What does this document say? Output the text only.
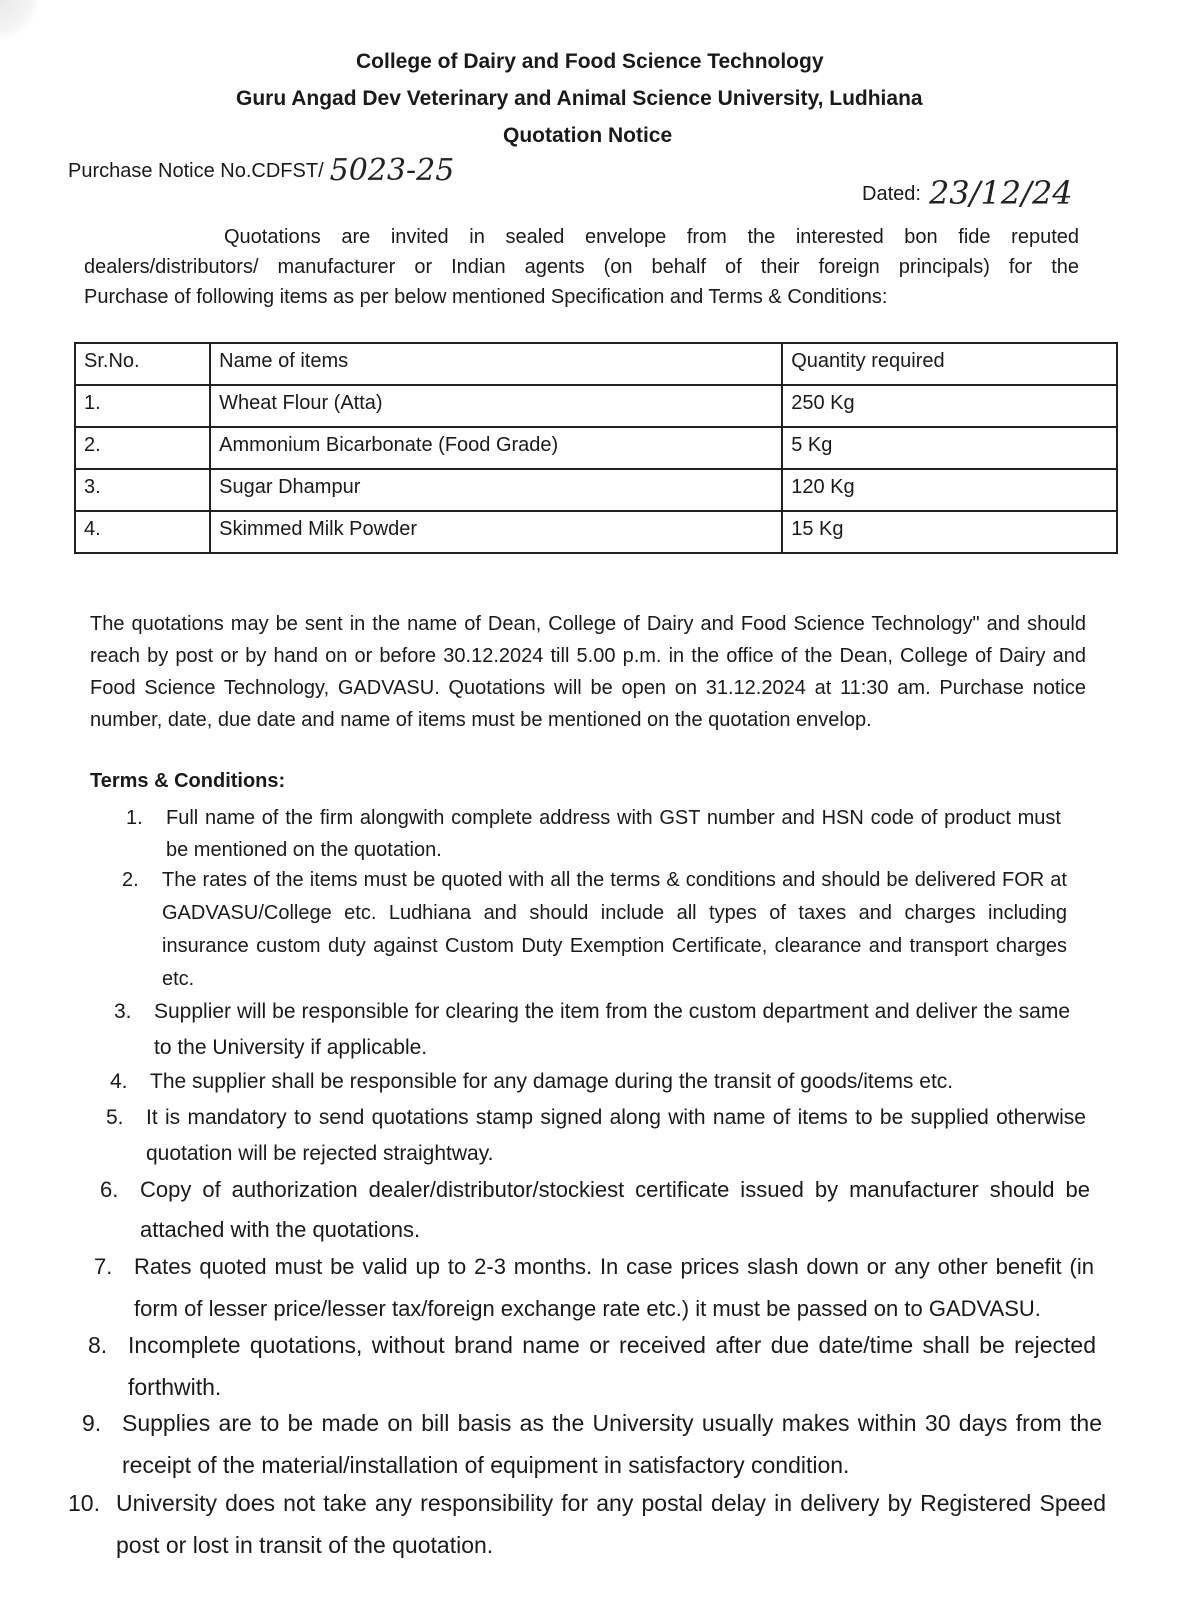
College of Dairy and Food Science Technology
Guru Angad Dev Veterinary and Animal Science University, Ludhiana
Quotation Notice
Purchase Notice No.CDFST/ 5023-25
Dated: 23/12/24
Quotations are invited in sealed envelope from the interested bon fide reputed
dealers/distributors/ manufacturer or Indian agents (on behalf of their foreign principals) for the
Purchase of following items as per below mentioned Specification and Terms & Conditions:
Sr.No.	Name of items	Quantity required
1.	Wheat Flour (Atta)	250 Kg
2.	Ammonium Bicarbonate (Food Grade)	5 Kg
3.	Sugar Dhampur	120 Kg
4.	Skimmed Milk Powder	15 Kg
The quotations may be sent in the name of Dean, College of Dairy and Food Science Technology" and should reach by post or by hand on or before 30.12.2024 till 5.00 p.m. in the office of the Dean, College of Dairy and Food Science Technology, GADVASU. Quotations will be open on 31.12.2024 at 11:30 am. Purchase notice number, date, due date and name of items must be mentioned on the quotation envelop.
Terms & Conditions:
1. Full name of the firm alongwith complete address with GST number and HSN code of product must be mentioned on the quotation.
2. The rates of the items must be quoted with all the terms & conditions and should be delivered FOR at GADVASU/College etc. Ludhiana and should include all types of taxes and charges including insurance custom duty against Custom Duty Exemption Certificate, clearance and transport charges etc.
3. Supplier will be responsible for clearing the item from the custom department and deliver the same to the University if applicable.
4. The supplier shall be responsible for any damage during the transit of goods/items etc.
5. It is mandatory to send quotations stamp signed along with name of items to be supplied otherwise quotation will be rejected straightway.
6. Copy of authorization dealer/distributor/stockiest certificate issued by manufacturer should be attached with the quotations.
7. Rates quoted must be valid up to 2-3 months. In case prices slash down or any other benefit (in form of lesser price/lesser tax/foreign exchange rate etc.) it must be passed on to GADVASU.
8. Incomplete quotations, without brand name or received after due date/time shall be rejected forthwith.
9. Supplies are to be made on bill basis as the University usually makes within 30 days from the receipt of the material/installation of equipment in satisfactory condition.
10. University does not take any responsibility for any postal delay in delivery by Registered Speed post or lost in transit of the quotation.
